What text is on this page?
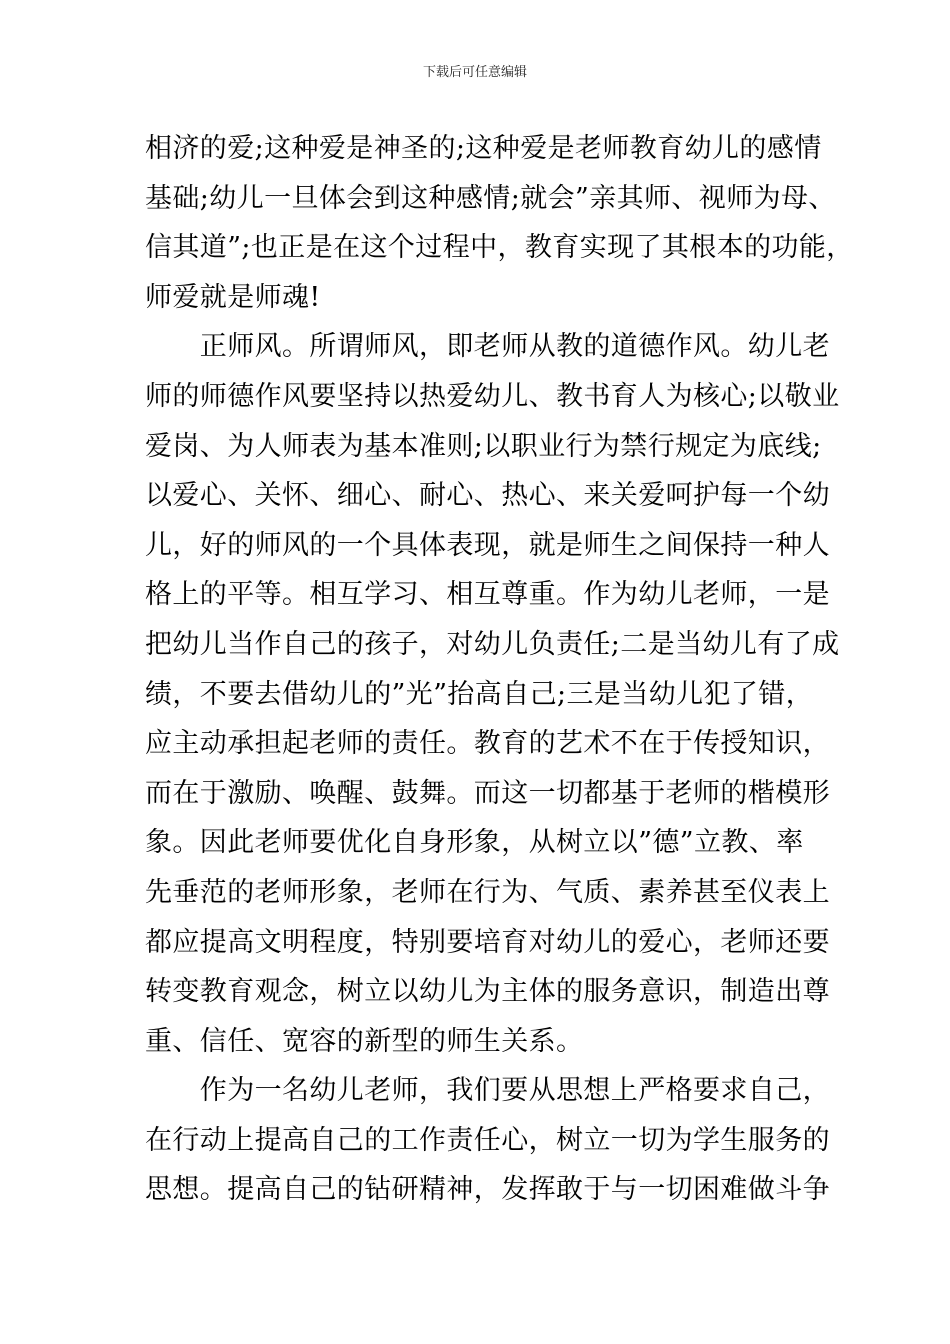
下载后可任意编辑
相济的爱;这种爱是神圣的;这种爱是老师教育幼儿的感情
基础;幼儿一旦体会到这种感情;就会”亲其师、视师为母、
信其道”;也正是在这个过程中，教育实现了其根本的功能，
师爱就是师魂!
　　正师风。所谓师风，即老师从教的道德作风。幼儿老
师的师德作风要坚持以热爱幼儿、教书育人为核心;以敬业
爱岗、为人师表为基本准则;以职业行为禁行规定为底线;
以爱心、关怀、细心、耐心、热心、来关爱呵护每一个幼
儿，好的师风的一个具体表现，就是师生之间保持一种人
格上的平等。相互学习、相互尊重。作为幼儿老师，一是
把幼儿当作自己的孩子，对幼儿负责任;二是当幼儿有了成
绩，不要去借幼儿的”光”抬高自己;三是当幼儿犯了错，
应主动承担起老师的责任。教育的艺术不在于传授知识，
而在于激励、唤醒、鼓舞。而这一切都基于老师的楷模形
象。因此老师要优化自身形象，从树立以”德”立教、率
先垂范的老师形象，老师在行为、气质、素养甚至仪表上
都应提高文明程度，特别要培育对幼儿的爱心，老师还要
转变教育观念，树立以幼儿为主体的服务意识，制造出尊
重、信任、宽容的新型的师生关系。
　　作为一名幼儿老师，我们要从思想上严格要求自己，
在行动上提高自己的工作责任心，树立一切为学生服务的
思想。提高自己的钻研精神，发挥敢于与一切困难做斗争
